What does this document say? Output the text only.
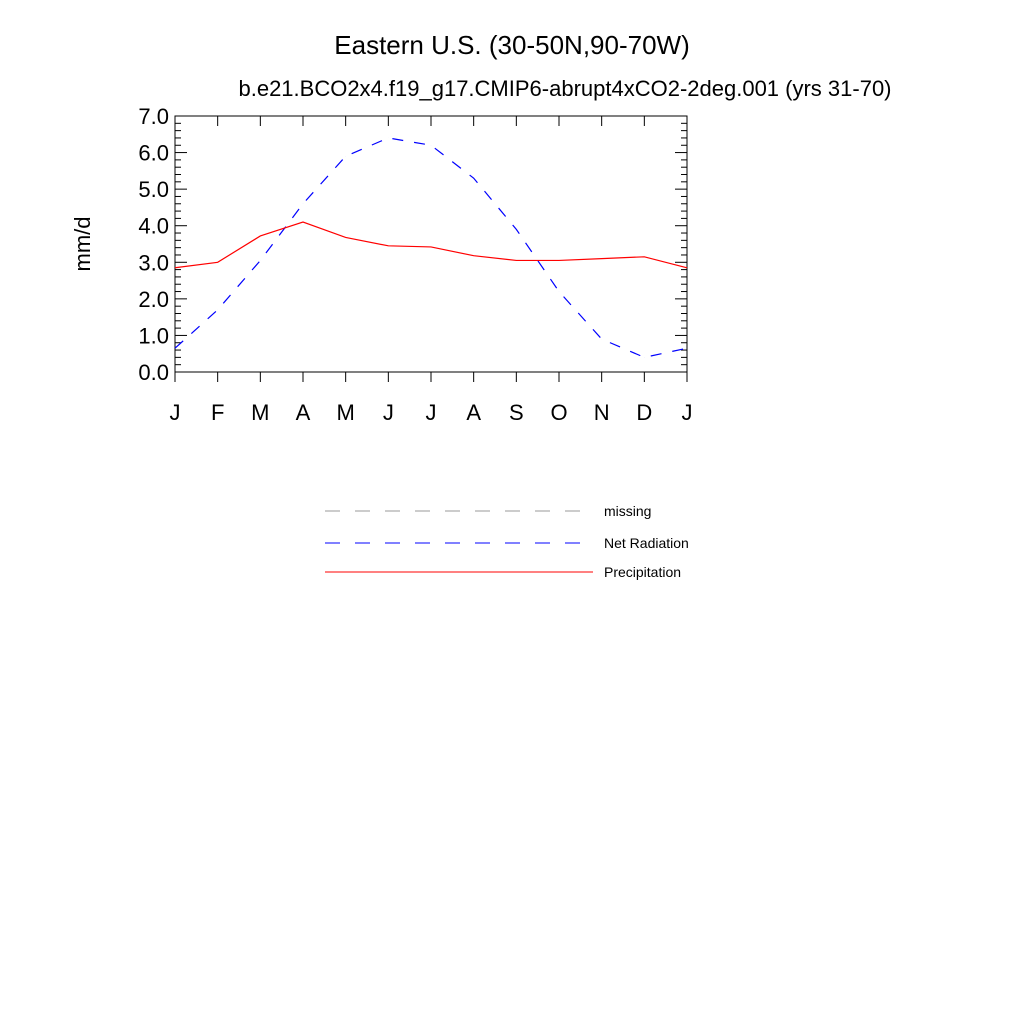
Eastern U.S. (30-50N,90-70W)
b.e21.BCO2x4.f19_g17.CMIP6-abrupt4xCO2-2deg.001 (yrs 31-70)
mm/d
0.0
1.0
2.0
3.0
4.0
5.0
6.0
7.0
J F M A M J J A S O N D J
missing
Net Radiation
Precipitation
